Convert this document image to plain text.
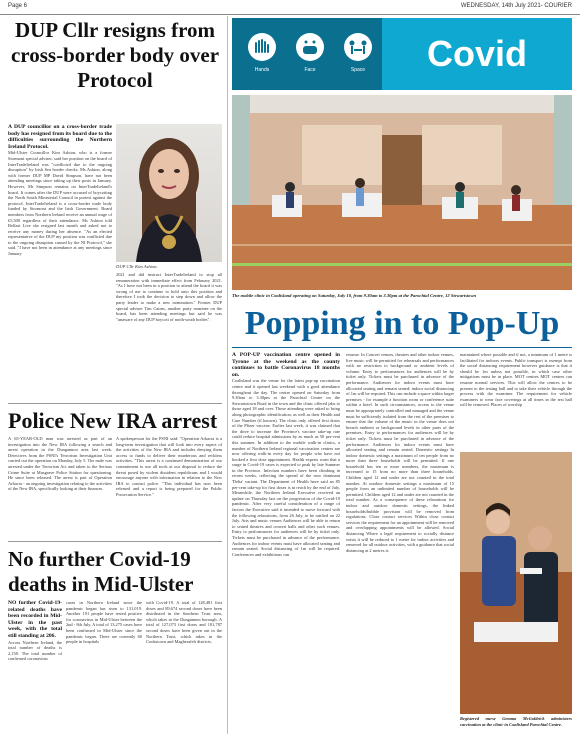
Page 6	WEDNESDAY, 14th July 2021- COURIER
DUP Cllr resigns from cross-border body over Protocol

A DUP councillor on a cross-border trade body has resigned from its board due to the difficulties surrounding the Northern Ireland Protocol.

Mid-Ulster Councillor Kim Ashton, who is a former Stormont special adviser, said her position on the board of InterTradeIreland was "conflicted due to the ongoing disruption" by Irish Sea border checks. Ms Ashton, along with former DUP MP David Simpson, have not been attending meetings since taking up their posts in January. However, Mr Simpson remains on InterTradeIreland's board. It comes after the DUP were accused of boycotting the North South Ministerial Council in protest against the protocol. InterTradeIreland is a cross-border trade body funded by Stormont and the Irish Government. Board members from Northern Ireland receive an annual wage of £5,500 regardless of their attendance. Ms Ashton told Belfast Live she resigned last month and asked not to receive any money during her absence. "As an elected representative of the DUP my position was conflicted due to the ongoing disruption caused by the NI Protocol," she said. "I have not been in attendance at any meetings since January

DUP Cllr Kim Ashton.

2021 and did instruct InterTradeIreland to stop all remuneration with immediate effect from February 2021. "As I have not been in a position to attend the board it was wrong of me to continue to hold onto this position and therefore I took the decision to step down and allow the party leader to make a new nomination." Former DUP special adviser Tim Cairns, another party nominee on the board, has been attending meetings but said he was "unaware of any DUP boycott of north-south bodies".

Police New IRA arrest

A 65-YEAR-OLD man was arrested as part of an investigation into the New IRA following a search and arrest operation in the Dungannon area last week. Detectives from the PSNI's Terrorism Investigation Unit carried out the operation on Monday, July 5. The male was arrested under the Terrorism Act and taken to the Serious Crime Suite at Musgrave Police Station for questioning. He since been released. The arrest is part of Operation Arbacia - an ongoing investigation relating to the activities of the New IRA, specifically looking at their finances.

A spokesperson for the PSNI said: "Operation Arbacia is a long-term investigation that will look into every aspect of the activities of the New IRA and includes denying them access to funds to deliver their murderous and reckless activities. "This arrest is a continued demonstration of our commitment to use all tools at our disposal to reduce the threat posed by violent dissident republicans and I would encourage anyone with information in relation to the New IRA to contact police. "This individual has now been released and a report is being prepared for the Public Prosecution Service."

No further Covid-19 deaths in Mid-Ulster

NO further Covid-19-related deaths have been recorded in Mid-Ulster in the past week, with the total still standing at 206.

Across Northern Ireland, the total number of deaths is 2,158. The total number of confirmed coronavirus

cases in Northern Ireland since the pandemic began has risen to 131,019. Another 191 people have tested positive for coronavirus in Mid-Ulster between the 2nd - 8th July. A total of 13,275 cases have been confirmed in Mid-Ulster since the pandemic began. There are currently 60 people in hospitals

with Covid-19. A total of 128,481 first doses and 89,674 second doses have been distributed in the Southern Trust area, which takes in the Dungannon borough. A total of 127,073 first doses and 101,787 second doses have been given out in the Northern Trust, which takes in the Cookstown and Magherafelt districts.

Hands	Face	Space	Covid
The mobile clinic in Coalisland operating on Saturday, July 10, from 9.30am to 3.30pm at the Parochial Centre, 12 Stewartstown
Popping in to Pop-Up

A POP-UP vaccination centre opened in Tyrone at the weekend as the county continues to battle Coronavirus 18 months on.

Coalisland was the venue for the latest pop-up vaccination centre and it opened last weekend with a good attendance throughout the day. The centre opened on Saturday from 9.30am to 3.30pm at the Parochial Centre on the Stewartstown Road in the town and the clinic offered jabs to those aged 18 and over. Those attending were asked to bring along photographic identification, as well as their Health and Care Number (if known). The clinic only offered first doses of the Pfizer vaccine. Earlier last week, it was claimed that the drive to increase the Province's vaccine take-up rate could reduce hospital admissions by as much as 50 per-cent this summer. In addition to the mobile walk-in clinics, a number of Northern Ireland regional vaccination centres are now offering walk-in every day for people who have not booked a first dose appointment. Health experts warn that a surge in Covid-19 cases is expected to peak by late Summer in the Province. Infection numbers have been climbing in recent weeks, reflecting the spread of the now dominant 'Delta' variant. The Department of Health have said an 85 per-cent take-up for first doses is in reach by the end of July. Meanwhile, the Northern Ireland Executive received an update on Thursday last on the progression of the Covid-19 pandemic. After very careful consideration of a range of factors the Executive said it intended to move forward with the following relaxations, from 26 July, to be ratified on 22 July. Arts and music venues Audiences will be able to return to seated theatres and concert halls and other such venues. Entry to performances for audiences will be by ticket only. Tickets must be purchased in advance of the performance. Audiences for indoor events must have allocated seating and remain seated. Social distancing of 1m will be required. Conferences and exhibitions can

resume. In Concert venues, theatres and other indoor venues, live music will be permitted for rehearsals and performances with no restriction to background or ambient levels of volume. Entry to performances for audiences will be by ticket only. Tickets must be purchased in advance of the performance. Audiences for indoor events must have allocated seating and remain seated; indoor social distancing of 1m will be required. This can include a space within larger premises - for example a function room or conference suite within a hotel. In such circumstances, access to the venue must be appropriately controlled and managed and the venue must be sufficiently isolated from the rest of the premises to ensure that the volume of the music in the venue does not breach ambient or background levels in other parts of the premises. Entry to performances for audiences will be by ticket only. Tickets must be purchased in advance of the performance. Audiences for indoor events must have allocated seating and remain seated. Domestic settings In indoor domestic settings a maximum of ten people from no more than three households will be permitted. If one household has ten or more members, the maximum is increased to 15 from no more than three households. Children aged 12 and under are not counted in the total number. At outdoor domestic settings a maximum of 15 people from an unlimited number of households will be permitted. Children aged 12 and under are not counted in the total number. As a consequence of these relaxations for indoor and outdoor domestic settings, the linked households/bubble provision will be removed from regulations. Close contact services Within close contact services the requirement for an appointment will be removed and overlapping appointments will be allowed. Social distancing Where a legal requirement to socially distance exists it will be reduced to 1 metre for indoor activities and removed for all outdoor activities, with a guidance that social distancing at 2 metres is

maintained where possible and if not, a minimum of 1 metre is facilitated for indoors events. Public transport is exempt from the social distancing requirement however guidance is that it should be 1m unless not possible, in which case other mitigations must be in place. MOT centres MOT centres can resume normal services. This will allow the centres to be present to the testing hall and to take their vehicle through the process with the examiner. The requirement for vehicle examiners to wear face coverings at all times in the test hall will be removed. Places of worship

Registered nurse Gemma McGoldrick administers vaccination at the clinic in Coalisland Parochial Centre.
